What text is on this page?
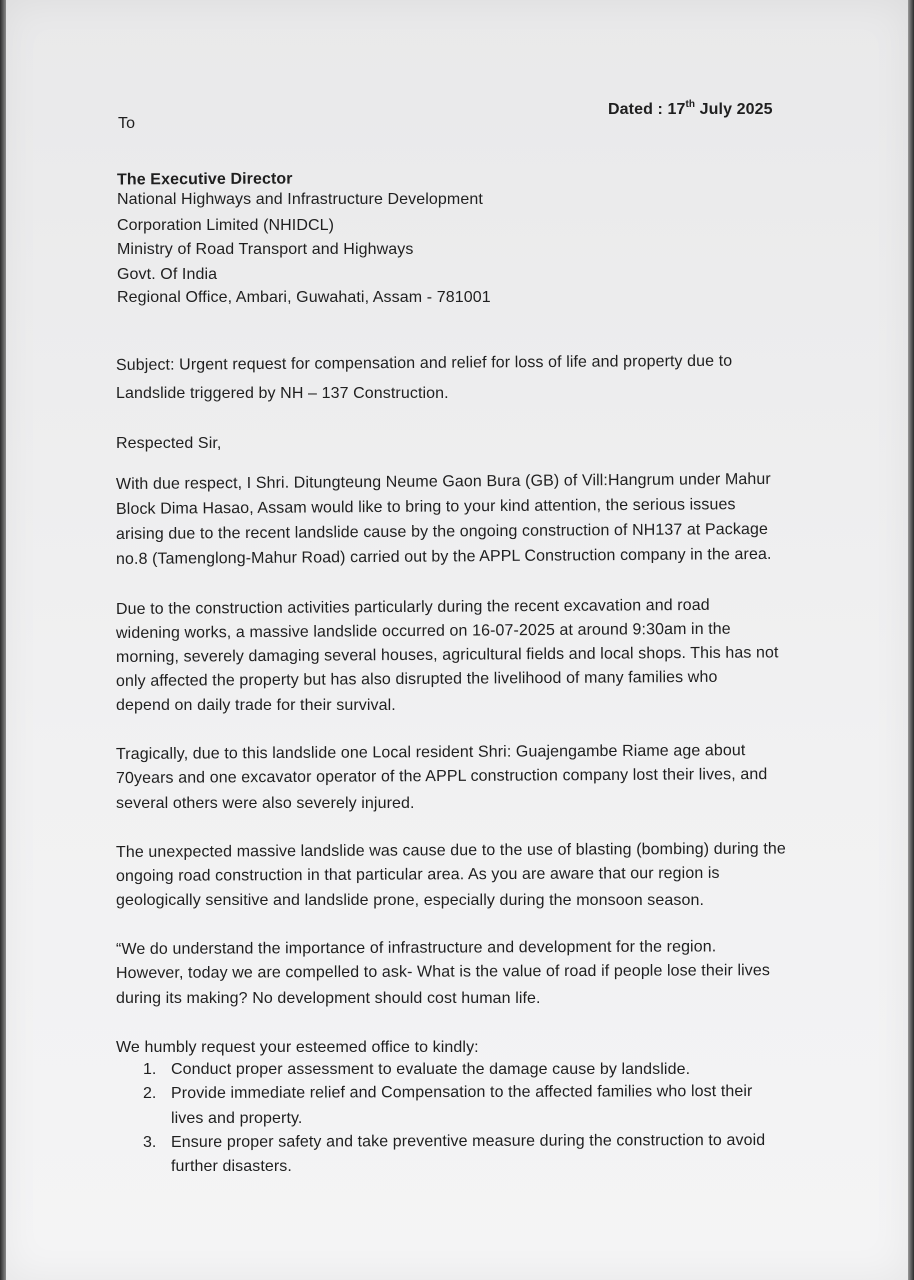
To
Dated : 17th July 2025
The Executive Director
National Highways and Infrastructure Development
Corporation Limited (NHIDCL)
Ministry of Road Transport and Highways
Govt. Of India
Regional Office, Ambari, Guwahati, Assam - 781001
Subject: Urgent request for compensation and relief for loss of life and property due to
Landslide triggered by NH – 137 Construction.
Respected Sir,
With due respect, I Shri. Ditungteung Neume Gaon Bura (GB) of Vill:Hangrum under Mahur
Block Dima Hasao, Assam would like to bring to your kind attention, the serious issues
arising due to the recent landslide cause by the ongoing construction of NH137 at Package
no.8 (Tamenglong-Mahur Road) carried out by the APPL Construction company in the area.
Due to the construction activities particularly during the recent excavation and road
widening works, a massive landslide occurred on 16-07-2025 at around 9:30am in the
morning, severely damaging several houses, agricultural fields and local shops. This has not
only affected the property but has also disrupted the livelihood of many families who
depend on daily trade for their survival.
Tragically, due to this landslide one Local resident Shri: Guajengambe Riame age about
70years and one excavator operator of the APPL construction company lost their lives, and
several others were also severely injured.
The unexpected massive landslide was cause due to the use of blasting (bombing) during the
ongoing road construction in that particular area. As you are aware that our region is
geologically sensitive and landslide prone, especially during the monsoon season.
“We do understand the importance of infrastructure and development for the region.
However, today we are compelled to ask- What is the value of road if people lose their lives
during its making? No development should cost human life.
We humbly request your esteemed office to kindly:
1. Conduct proper assessment to evaluate the damage cause by landslide.
2. Provide immediate relief and Compensation to the affected families who lost their
lives and property.
3. Ensure proper safety and take preventive measure during the construction to avoid
further disasters.
